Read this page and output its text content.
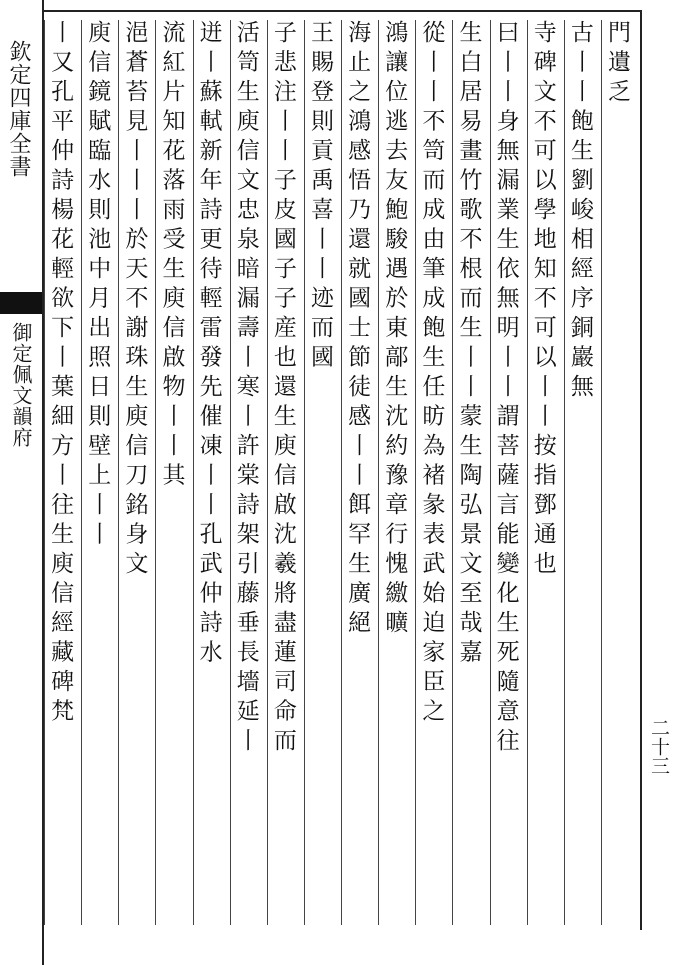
欽定四庫全書
御定佩文韻府
二十三
門遺乏
古丨丨飽生劉峻相經序銅巖無
寺碑文不可以學地知不可以丨丨按指鄧通也
曰丨丨身無漏業生依無明丨丨謂菩薩言能變化生死隨意往
生白居易畫竹歌不根而生丨丨蒙生陶弘景文至哉嘉
從丨丨不笥而成由筆成飽生任昉為褚彖表武始迫家臣之
鴻讓位逃去友鮑駿遇於東鄗生沈約豫章行愧繳曠
海止之鴻感悟乃還就國士節徒感丨丨餌罕生廣絕
王賜登則貢禹喜丨丨迹而國
子悲注丨丨子皮國子子産也還生庾信啟沈羲將盡蓮司命而
活笥生庾信文忠泉暗漏壽丨寒丨許棠詩架引藤垂長墻延丨
迸丨蘇軾新年詩更待輕雷發先催凍丨丨孔武仲詩水
流紅片知花落雨受生庾信啟物丨丨其
浥蒼苔見丨丨丨於天不謝珠生庾信刀銘身文
庾信鏡賦臨水則池中月出照日則壁上丨丨
丨又孔平仲詩楊花輕欲下丨葉細方丨往生庾信經藏碑梵
